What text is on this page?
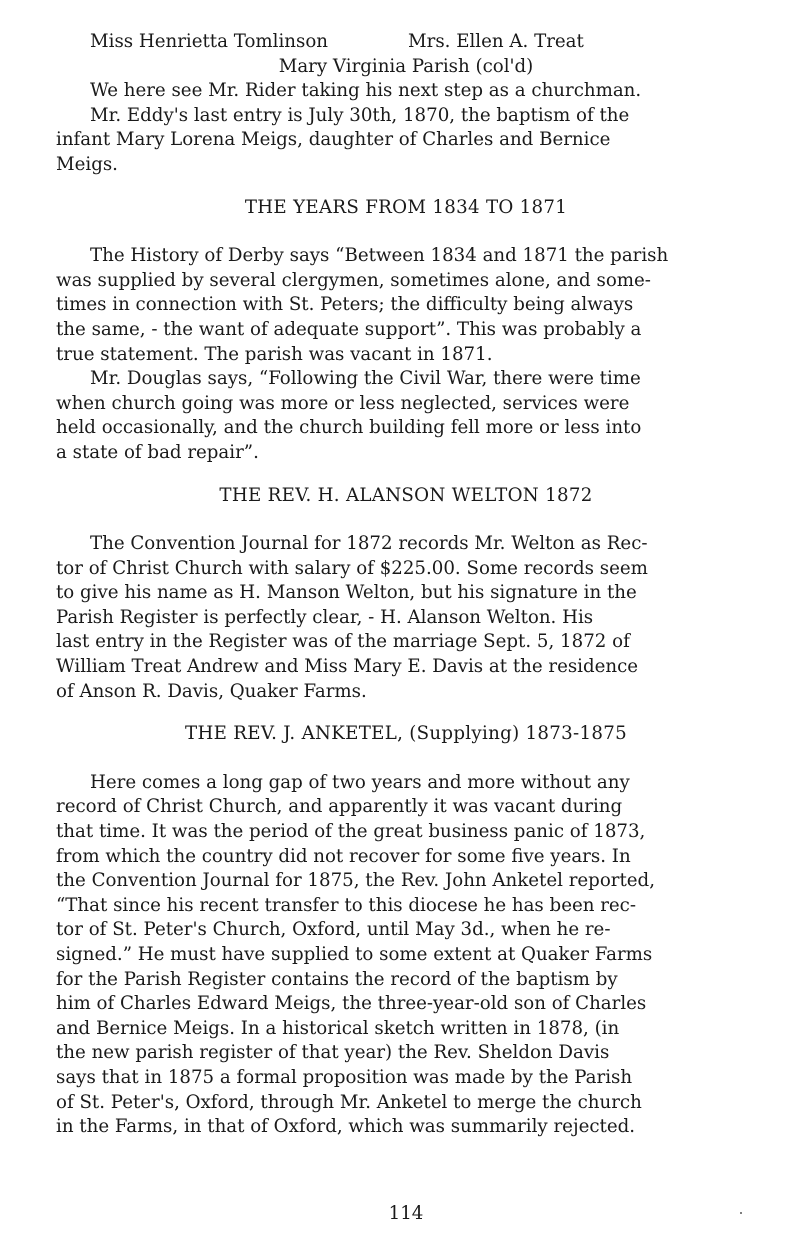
Miss Henrietta Tomlinson	Mrs. Ellen A. Treat
Mary Virginia Parish (col'd)
We here see Mr. Rider taking his next step as a churchman.
Mr. Eddy's last entry is July 30th, 1870, the baptism of the
infant Mary Lorena Meigs, daughter of Charles and Bernice
Meigs.
THE YEARS FROM 1834 TO 1871
The History of Derby says “Between 1834 and 1871 the parish
was supplied by several clergymen, sometimes alone, and some-
times in connection with St. Peters; the difficulty being always
the same, - the want of adequate support”. This was probably a
true statement. The parish was vacant in 1871.
Mr. Douglas says, “Following the Civil War, there were time
when church going was more or less neglected, services were
held occasionally, and the church building fell more or less into
a state of bad repair”.
THE REV. H. ALANSON WELTON 1872
The Convention Journal for 1872 records Mr. Welton as Rec-
tor of Christ Church with salary of $225.00. Some records seem
to give his name as H. Manson Welton, but his signature in the
Parish Register is perfectly clear, - H. Alanson Welton. His
last entry in the Register was of the marriage Sept. 5, 1872 of
William Treat Andrew and Miss Mary E. Davis at the residence
of Anson R. Davis, Quaker Farms.
THE REV. J. ANKETEL, (Supplying) 1873-1875
Here comes a long gap of two years and more without any
record of Christ Church, and apparently it was vacant during
that time. It was the period of the great business panic of 1873,
from which the country did not recover for some five years. In
the Convention Journal for 1875, the Rev. John Anketel reported,
“That since his recent transfer to this diocese he has been rec-
tor of St. Peter's Church, Oxford, until May 3d., when he re-
signed.” He must have supplied to some extent at Quaker Farms
for the Parish Register contains the record of the baptism by
him of Charles Edward Meigs, the three-year-old son of Charles
and Bernice Meigs. In a historical sketch written in 1878, (in
the new parish register of that year) the Rev. Sheldon Davis
says that in 1875 a formal proposition was made by the Parish
of St. Peter's, Oxford, through Mr. Anketel to merge the church
in the Farms, in that of Oxford, which was summarily rejected.
114
